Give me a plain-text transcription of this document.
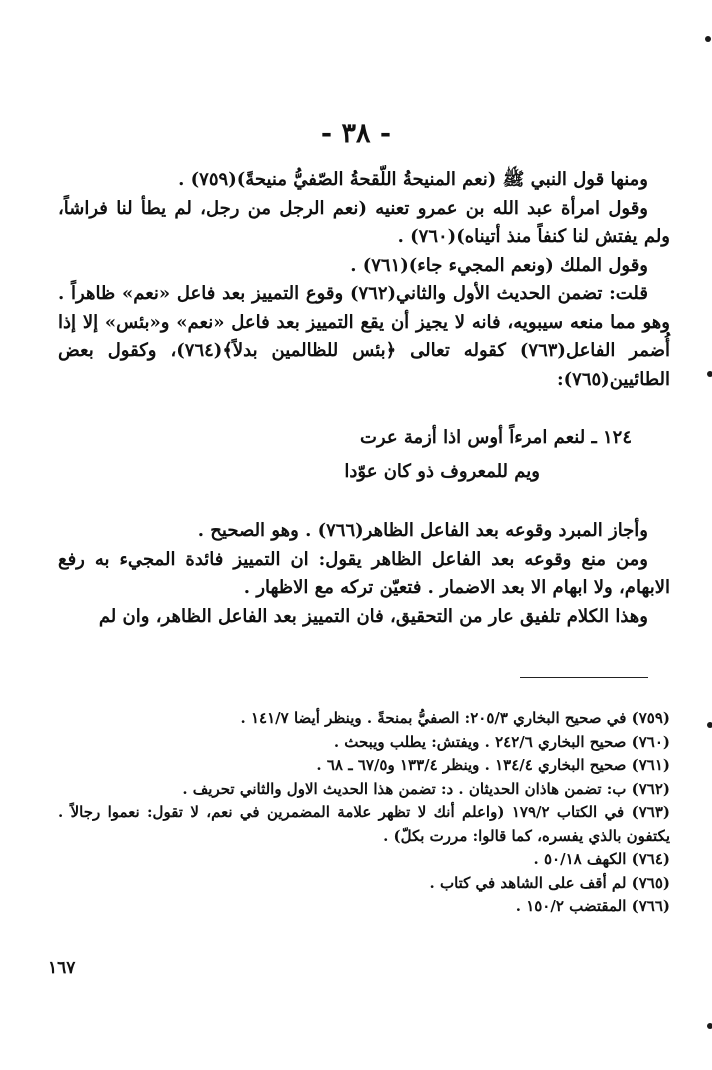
- ٣٨ -

ومنها قول النبي ﷺ (نعم المنيحةُ اللّقحةُ الصّفيُّ منيحةً)(٧٥٩) .

وقول امرأة عبد الله بن عمرو تعنيه (نعم الرجل من رجل، لم يطأ لنا فراشاً، ولم يفتش لنا كنفاً منذ أتيناه)(٧٦٠) .

وقول الملك (ونعم المجيء جاء)(٧٦١) .

قلت: تضمن الحديث الأول والثاني(٧٦٢) وقوع التمييز بعد فاعل «نعم» ظاهراً . وهو مما منعه سيبويه، فانه لا يجيز أن يقع التمييز بعد فاعل «نعم» و«بئس» إلا إذا أُضمر الفاعل(٧٦٣) كقوله تعالى ﴿بئس للظالمين بدلاً﴾(٧٦٤)، وكقول بعض الطائيين(٧٦٥):

١٢٤ ـ لنعم امرءاً أوس اذا أزمة عرت
ويم للمعروف ذو كان عوّدا

وأجاز المبرد وقوعه بعد الفاعل الظاهر(٧٦٦) . وهو الصحيح .

ومن منع وقوعه بعد الفاعل الظاهر يقول: ان التمييز فائدة المجيء به رفع الابهام، ولا ابهام الا بعد الاضمار . فتعيّن تركه مع الاظهار .

وهذا الكلام تلفيق عار من التحقيق، فان التمييز بعد الفاعل الظاهر، وان لم

(٧٥٩) في صحيح البخاري ٢٠٥/٣: الصفيُّ بمنحةً . وينظر أيضا ١٤١/٧ .

(٧٦٠) صحيح البخاري ٢٤٢/٦ . ويفتش: يطلب ويبحث .

(٧٦١) صحيح البخاري ١٣٤/٤ . وينظر ١٣٣/٤ و٦٧/٥ ـ ٦٨ .

(٧٦٢) ب: تضمن هاذان الحديثان . د: تضمن هذا الحديث الاول والثاني تحريف .

(٧٦٣) في الكتاب ١٧٩/٢ (واعلم أنك لا تظهر علامة المضمرين في نعم، لا تقول: نعموا رجالاً . يكتفون بالذي يفسره، كما قالوا: مررت بكلّ) .

(٧٦٤) الكهف ٥٠/١٨ .

(٧٦٥) لم أقف على الشاهد في كتاب .

(٧٦٦) المقتضب ١٥٠/٢ .

١٦٧
